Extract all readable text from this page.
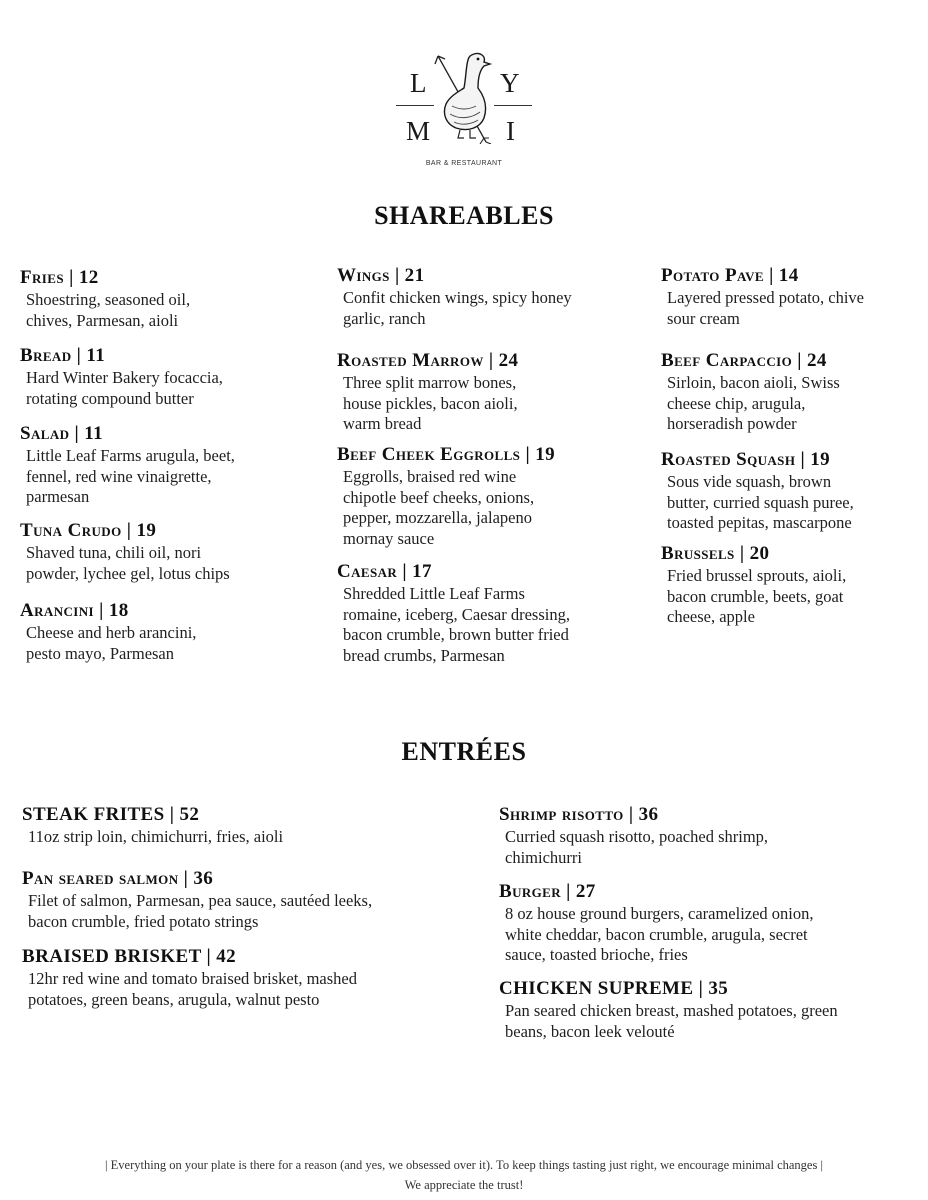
L	Y
M	I
BAR & RESTAURANT
SHAREABLES
Fries | 12
Shoestring, seasoned oil,
chives, Parmesan, aioli
Bread | 11
Hard Winter Bakery focaccia,
rotating compound butter
Salad | 11
Little Leaf Farms arugula, beet,
fennel, red wine vinaigrette,
parmesan
Tuna Crudo | 19
Shaved tuna, chili oil, nori
powder, lychee gel, lotus chips
Arancini | 18
Cheese and herb arancini,
pesto mayo, Parmesan
Wings | 21
Confit chicken wings, spicy honey
garlic, ranch
Roasted Marrow | 24
Three split marrow bones,
house pickles, bacon aioli,
warm bread
Beef Cheek Eggrolls | 19
Eggrolls, braised red wine
chipotle beef cheeks, onions,
pepper, mozzarella, jalapeno
mornay sauce
Caesar | 17
Shredded Little Leaf Farms
romaine, iceberg, Caesar dressing,
bacon crumble, brown butter fried
bread crumbs, Parmesan
Potato Pave | 14
Layered pressed potato, chive
sour cream
Beef Carpaccio | 24
Sirloin, bacon aioli, Swiss
cheese chip, arugula,
horseradish powder
Roasted Squash | 19
Sous vide squash, brown
butter, curried squash puree,
toasted pepitas, mascarpone
Brussels | 20
Fried brussel sprouts, aioli,
bacon crumble, beets, goat
cheese, apple
ENTRÉES
STEAK FRITES | 52
11oz strip loin, chimichurri, fries, aioli
Pan seared salmon | 36
Filet of salmon, Parmesan, pea sauce, sautéed leeks,
bacon crumble, fried potato strings
BRAISED BRISKET | 42
12hr red wine and tomato braised brisket, mashed
potatoes, green beans, arugula, walnut pesto
Shrimp risotto | 36
Curried squash risotto, poached shrimp,
chimichurri
Burger | 27
8 oz house ground burgers, caramelized onion,
white cheddar, bacon crumble, arugula, secret
sauce, toasted brioche, fries
CHICKEN SUPREME | 35
Pan seared chicken breast, mashed potatoes, green
beans, bacon leek velouté
| Everything on your plate is there for a reason (and yes, we obsessed over it). To keep things tasting just right, we encourage minimal changes |
We appreciate the trust!
